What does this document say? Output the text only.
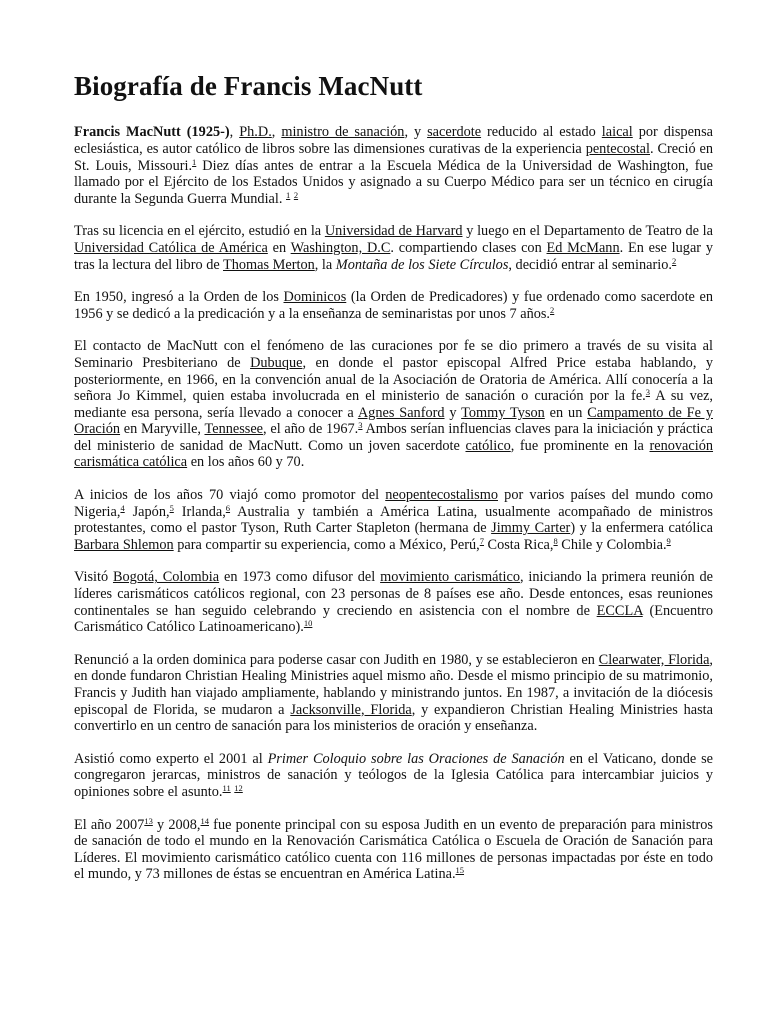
Biografía de Francis MacNutt

Francis MacNutt (1925-), Ph.D., ministro de sanación, y sacerdote reducido al estado laical por dispensa eclesiástica, es autor católico de libros sobre las dimensiones curativas de la experiencia pentecostal. Creció en St. Louis, Missouri.$^1$ Diez días antes de entrar a la Escuela Médica de la Universidad de Washington, fue llamado por el Ejército de los Estados Unidos y asignado a su Cuerpo Médico para ser un técnico en cirugía durante la Segunda Guerra Mundial. $^1$ $^2$

Tras su licencia en el ejército, estudió en la Universidad de Harvard y luego en el Departamento de Teatro de la Universidad Católica de América en Washington, D.C. compartiendo clases con Ed McMann. En ese lugar y tras la lectura del libro de Thomas Merton, la Montaña de los Siete Círculos, decidió entrar al seminario.$^2$

En 1950, ingresó a la Orden de los Dominicos (la Orden de Predicadores) y fue ordenado como sacerdote en 1956 y se dedicó a la predicación y a la enseñanza de seminaristas por unos 7 años.$^2$

El contacto de MacNutt con el fenómeno de las curaciones por fe se dio primero a través de su visita al Seminario Presbiteriano de Dubuque, en donde el pastor episcopal Alfred Price estaba hablando, y posteriormente, en 1966, en la convención anual de la Asociación de Oratoria de América. Allí conocería a la señora Jo Kimmel, quien estaba involucrada en el ministerio de sanación o curación por la fe.$^3$ A su vez, mediante esa persona, sería llevado a conocer a Agnes Sanford y Tommy Tyson en un Campamento de Fe y Oración en Maryville, Tennessee, el año de 1967.$^3$ Ambos serían influencias claves para la iniciación y práctica del ministerio de sanidad de MacNutt. Como un joven sacerdote católico, fue prominente en la renovación carismática católica en los años 60 y 70.

A inicios de los años 70 viajó como promotor del neopentecostalismo por varios países del mundo como Nigeria,$^4$ Japón,$^5$ Irlanda,$^6$ Australia y también a América Latina, usualmente acompañado de ministros protestantes, como el pastor Tyson, Ruth Carter Stapleton (hermana de Jimmy Carter) y la enfermera católica Barbara Shlemon para compartir su experiencia, como a México, Perú,$^7$ Costa Rica,$^8$ Chile y Colombia.$^9$

Visitó Bogotá, Colombia en 1973 como difusor del movimiento carismático, iniciando la primera reunión de líderes carismáticos católicos regional, con 23 personas de 8 países ese año. Desde entonces, esas reuniones continentales se han seguido celebrando y creciendo en asistencia con el nombre de ECCLA (Encuentro Carismático Católico Latinoamericano).$^{10}$

Renunció a la orden dominica para poderse casar con Judith en 1980, y se establecieron en Clearwater, Florida, en donde fundaron Christian Healing Ministries aquel mismo año. Desde el mismo principio de su matrimonio, Francis y Judith han viajado ampliamente, hablando y ministrando juntos. En 1987, a invitación de la diócesis episcopal de Florida, se mudaron a Jacksonville, Florida, y expandieron Christian Healing Ministries hasta convertirlo en un centro de sanación para los ministerios de oración y enseñanza.

Asistió como experto el 2001 al Primer Coloquio sobre las Oraciones de Sanación en el Vaticano, donde se congregaron jerarcas, ministros de sanación y teólogos de la Iglesia Católica para intercambiar juicios y opiniones sobre el asunto.$^{11}$ $^{12}$

El año 2007$^{13}$ y 2008,14 fue ponente principal con su esposa Judith en un evento de preparación para ministros de sanación de todo el mundo en la Renovación Carismática Católica o Escuela de Oración de Sanación para Líderes. El movimiento carismático católico cuenta con 116 millones de personas impactadas por éste en todo el mundo, y 73 millones de éstas se encuentran en América Latina.$^{15}$
